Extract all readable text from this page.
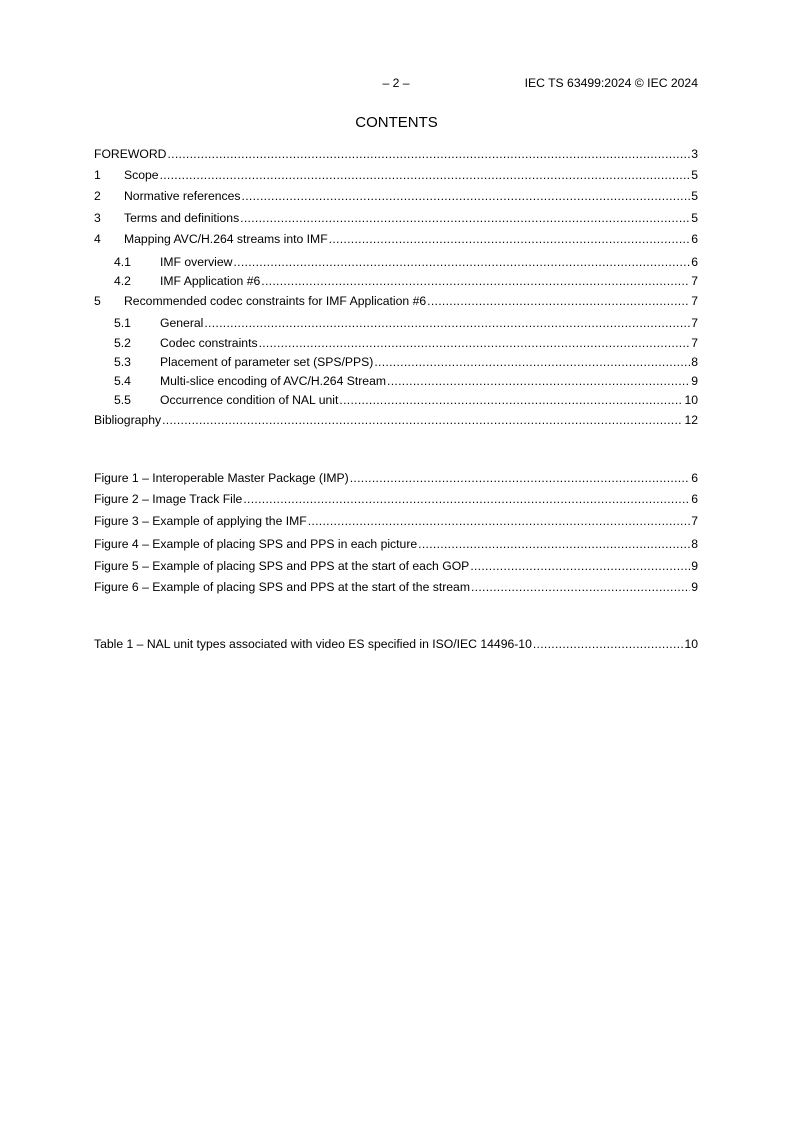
– 2 –	IEC TS 63499:2024 © IEC 2024
CONTENTS
FOREWORD .....	3
1	Scope .....	5
2	Normative references .....	5
3	Terms and definitions .....	5
4	Mapping AVC/H.264 streams into IMF .....	6
4.1	IMF overview .....	6
4.2	IMF Application #6 .....	7
5	Recommended codec constraints for IMF Application #6 .....	7
5.1	General .....	7
5.2	Codec constraints .....	7
5.3	Placement of parameter set (SPS/PPS) .....	8
5.4	Multi-slice encoding of AVC/H.264 Stream .....	9
5.5	Occurrence condition of NAL unit .....	10
Bibliography .....	12
Figure 1 – Interoperable Master Package (IMP) .....	6
Figure 2 – Image Track File .....	6
Figure 3 – Example of applying the IMF .....	7
Figure 4 – Example of placing SPS and PPS in each picture .....	8
Figure 5 – Example of placing SPS and PPS at the start of each GOP .....	9
Figure 6 – Example of placing SPS and PPS at the start of the stream .....	9
Table 1 – NAL unit types associated with video ES specified in ISO/IEC 14496-10 .....	10
